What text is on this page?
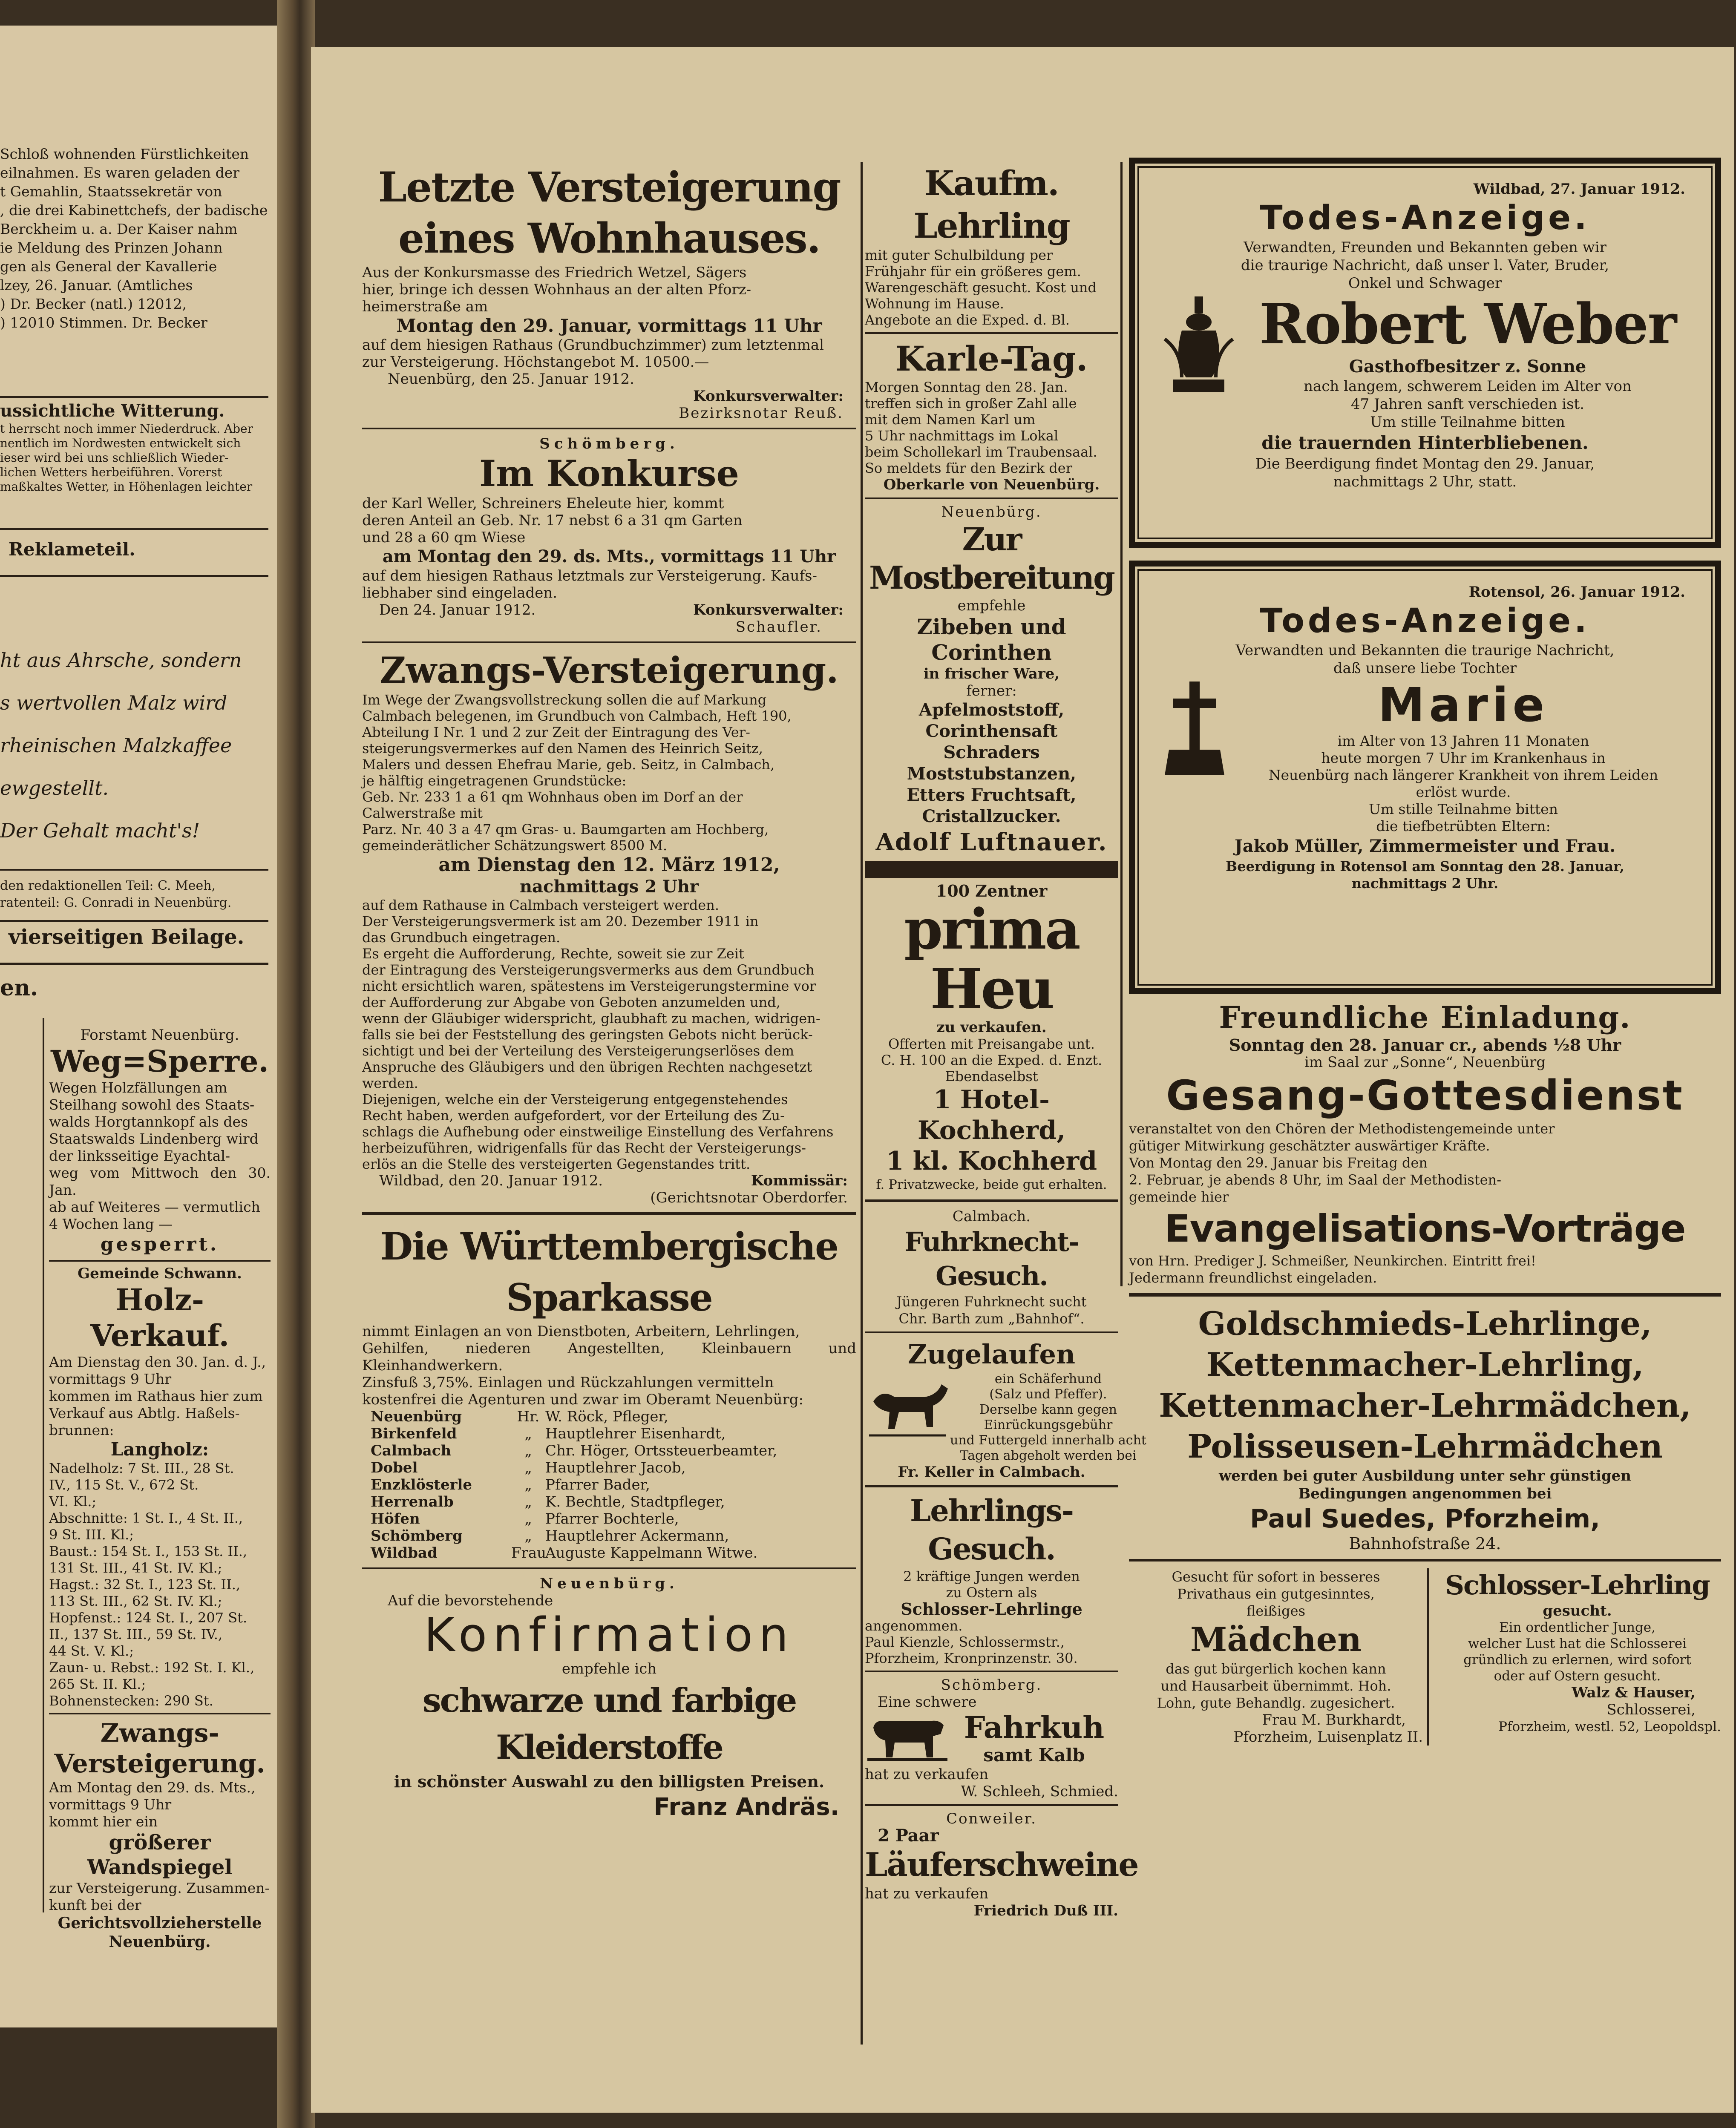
Schloß wohnenden Fürstlichkeiten

eilnahmen. Es waren geladen der

t Gemahlin, Staatssekretär von

, die drei Kabinettchefs, der badische

Berckheim u. a. Der Kaiser nahm

ie Meldung des Prinzen Johann

gen als General der Kavallerie

lzey, 26. Januar. (Amtliches

) Dr. Becker (natl.) 12012,

) 12010 Stimmen. Dr. Becker

ussichtliche Witterung.

t herrscht noch immer Niederdruck. Aber

nentlich im Nordwesten entwickelt sich

ieser wird bei uns schließlich Wieder-

lichen Wetters herbeiführen. Vorerst

maßkaltes Wetter, in Höhenlagen leichter

Reklameteil.

ht aus Ahrsche, sondern

s wertvollen Malz wird

rheinischen Malzkaffee

ewgestellt.

Der Gehalt macht's!

den redaktionellen Teil: C. Meeh,

ratenteil: G. Conradi in Neuenbürg.

vierseitigen Beilage.

en.

Forstamt Neuenbürg.

Weg=Sperre.

Wegen Holzfällungen am

Steilhang sowohl des Staats-

walds Horgtannkopf als des

Staatswalds Lindenberg wird

der linksseitige Eyachtal-

weg vom Mittwoch den 30. Jan.

ab auf Weiteres — vermutlich

4 Wochen lang —

gesperrt.

Gemeinde Schwann.

Holz-Verkauf.

Am Dienstag den 30. Jan. d. J.,

vormittags 9 Uhr

kommen im Rathaus hier zum

Verkauf aus Abtlg. Haßels-

brunnen:

Langholz:

Nadelholz: 7 St. III., 28 St.

IV., 115 St. V., 672 St.

VI. Kl.;

Abschnitte: 1 St. I., 4 St. II.,

9 St. III. Kl.;

Baust.: 154 St. I., 153 St. II.,

131 St. III., 41 St. IV. Kl.;

Hagst.: 32 St. I., 123 St. II.,

113 St. III., 62 St. IV. Kl.;

Hopfenst.: 124 St. I., 207 St.

II., 137 St. III., 59 St. IV.,

44 St. V. Kl.;

Zaun- u. Rebst.: 192 St. I. Kl.,

265 St. II. Kl.;

Bohnenstecken: 290 St.

Zwangs-Versteigerung.

Am Montag den 29. ds. Mts.,

vormittags 9 Uhr

kommt hier ein

größerer Wandspiegel

zur Versteigerung. Zusammen-

kunft bei der

Gerichtsvollzieherstelle

Neuenbürg.

Letzte Versteigerung eines Wohnhauses.

Aus der Konkursmasse des Friedrich Wetzel, Sägers

hier, bringe ich dessen Wohnhaus an der alten Pforz-

heimerstraße am

Montag den 29. Januar, vormittags 11 Uhr

auf dem hiesigen Rathaus (Grundbuchzimmer) zum letztenmal

zur Versteigerung. Höchstangebot M. 10500.—

Neuenbürg, den 25. Januar 1912.

Konkursverwalter:

Bezirksnotar Reuß.

Schömberg.

Im Konkurse

der Karl Weller, Schreiners Eheleute hier, kommt

deren Anteil an Geb. Nr. 17 nebst 6 a 31 qm Garten

und 28 a 60 qm Wiese

am Montag den 29. ds. Mts., vormittags 11 Uhr

auf dem hiesigen Rathaus letztmals zur Versteigerung. Kaufs-

liebhaber sind eingeladen.

Den 24. Januar 1912.	Konkursverwalter:

Schaufler.

Zwangs-Versteigerung.

Im Wege der Zwangsvollstreckung sollen die auf Markung

Calmbach belegenen, im Grundbuch von Calmbach, Heft 190,

Abteilung I Nr. 1 und 2 zur Zeit der Eintragung des Ver-

steigerungsvermerkes auf den Namen des Heinrich Seitz,

Malers und dessen Ehefrau Marie, geb. Seitz, in Calmbach,

je hälftig eingetragenen Grundstücke:

Geb. Nr. 233 1 a 61 qm Wohnhaus oben im Dorf an der

Calwerstraße mit

Parz. Nr. 40 3 a 47 qm Gras- u. Baumgarten am Hochberg,

gemeinderätlicher Schätzungswert 8500 M.

am Dienstag den 12. März 1912,

nachmittags 2 Uhr

auf dem Rathause in Calmbach versteigert werden.

Der Versteigerungsvermerk ist am 20. Dezember 1911 in

das Grundbuch eingetragen.

Es ergeht die Aufforderung, Rechte, soweit sie zur Zeit

der Eintragung des Versteigerungsvermerks aus dem Grundbuch

nicht ersichtlich waren, spätestens im Versteigerungstermine vor

der Aufforderung zur Abgabe von Geboten anzumelden und,

wenn der Gläubiger widerspricht, glaubhaft zu machen, widrigen-

falls sie bei der Feststellung des geringsten Gebots nicht berück-

sichtigt und bei der Verteilung des Versteigerungserlöses dem

Anspruche des Gläubigers und den übrigen Rechten nachgesetzt

werden.

Diejenigen, welche ein der Versteigerung entgegenstehendes

Recht haben, werden aufgefordert, vor der Erteilung des Zu-

schlags die Aufhebung oder einstweilige Einstellung des Verfahrens

herbeizuführen, widrigenfalls für das Recht der Versteigerungs-

erlös an die Stelle des versteigerten Gegenstandes tritt.

Wildbad, den 20. Januar 1912.	Kommissär:

(Gerichtsnotar Oberdorfer.

Die Württembergische Sparkasse

nimmt Einlagen an von Dienstboten, Arbeitern, Lehrlingen,

Gehilfen, niederen Angestellten, Kleinbauern und Kleinhandwerkern.

Zinsfuß 3,75%. Einlagen und Rückzahlungen vermitteln

kostenfrei die Agenturen und zwar im Oberamt Neuenbürg:

Neuenbürg	Hr. W. Röck, Pfleger,
Birkenfeld	„ Hauptlehrer Eisenhardt,
Calmbach	„ Chr. Höger, Ortssteuerbeamter,
Dobel	„ Hauptlehrer Jacob,
Enzklösterle	„ Pfarrer Bader,
Herrenalb	„ K. Bechtle, Stadtpfleger,
Höfen	„ Pfarrer Bochterle,
Schömberg	„ Hauptlehrer Ackermann,
Wildbad	Frau
Auguste Kappelmann Witwe.

Neuenbürg.

Auf die bevorstehende

Konfirmation

empfehle ich

schwarze und farbige Kleiderstoffe

in schönster Auswahl zu den billigsten Preisen.

Franz Andräs.

Kaufm. Lehrling

mit guter Schulbildung per

Frühjahr für ein größeres gem.

Warengeschäft gesucht. Kost und

Wohnung im Hause.

Angebote an die Exped. d. Bl.

Karle-Tag.

Morgen Sonntag den 28. Jan.

treffen sich in großer Zahl alle

mit dem Namen Karl um

5 Uhr nachmittags im Lokal

beim Schollekarl im Traubensaal.

So meldets für den Bezirk der

Oberkarle von Neuenbürg.

Neuenbürg.

Zur Mostbereitung

empfehle

Zibeben und Corinthen

in frischer Ware,

ferner:

Apfelmoststoff, Corinthensaft

Schraders Moststubstanzen,

Etters Fruchtsaft,

Cristallzucker.

Adolf Luftnauer.

100 Zentner

prima Heu

zu verkaufen.

Offerten mit Preisangabe unt.

C. H. 100 an die Exped. d. Enzt.

Ebendaselbst

1 Hotel-Kochherd,

1 kl. Kochherd

f. Privatzwecke, beide gut erhalten.

Calmbach.

Fuhrknecht-Gesuch.

Jüngeren Fuhrknecht sucht

Chr. Barth zum „Bahnhof“.

Zugelaufen

ein Schäferhund

(Salz und Pfeffer).

Derselbe kann gegen

Einrückungsgebühr

und Futtergeld innerhalb acht

Tagen abgeholt werden bei

Fr. Keller in Calmbach.

Lehrlings-Gesuch.

2 kräftige Jungen werden

zu Ostern als

Schlosser-Lehrlinge

angenommen.

Paul Kienzle, Schlossermstr.,

Pforzheim, Kronprinzenstr. 30.

Schömberg.

Eine schwere

Fahrkuh

samt Kalb

hat zu verkaufen

W. Schleeh, Schmied.

Conweiler.

2 Paar

Läuferschweine

hat zu verkaufen

Friedrich Duß III.

Wildbad, 27. Januar 1912.

Todes-Anzeige.

Verwandten, Freunden und Bekannten geben wir

die traurige Nachricht, daß unser l. Vater, Bruder,

Onkel und Schwager

Robert Weber

Gasthofbesitzer z. Sonne

nach langem, schwerem Leiden im Alter von

47 Jahren sanft verschieden ist.

Um stille Teilnahme bitten

die trauernden Hinterbliebenen.

Die Beerdigung findet Montag den 29. Januar,

nachmittags 2 Uhr, statt.

Rotensol, 26. Januar 1912.

Todes-Anzeige.

Verwandten und Bekannten die traurige Nachricht,

daß unsere liebe Tochter

Marie

im Alter von 13 Jahren 11 Monaten

heute morgen 7 Uhr im Krankenhaus in

Neuenbürg nach längerer Krankheit von ihrem Leiden

erlöst wurde.

Um stille Teilnahme bitten

die tiefbetrübten Eltern:

Jakob Müller, Zimmermeister und Frau.

Beerdigung in Rotensol am Sonntag den 28. Januar,

nachmittags 2 Uhr.

Freundliche Einladung.

Sonntag den 28. Januar cr., abends ½8 Uhr

im Saal zur „Sonne“, Neuenbürg

Gesang-Gottesdienst

veranstaltet von den Chören der Methodistengemeinde unter

gütiger Mitwirkung geschätzter auswärtiger Kräfte.

Von Montag den 29. Januar bis Freitag den

2. Februar, je abends 8 Uhr, im Saal der Methodisten-

gemeinde hier

Evangelisations-Vorträge

von Hrn. Prediger J. Schmeißer, Neunkirchen. Eintritt frei!

Jedermann freundlichst eingeladen.

Goldschmieds-Lehrlinge,

Kettenmacher-Lehrling,

Kettenmacher-Lehrmädchen,

Polisseusen-Lehrmädchen

werden bei guter Ausbildung unter sehr günstigen

Bedingungen angenommen bei

Paul Suedes, Pforzheim,

Bahnhofstraße 24.

Gesucht für sofort in besseres

Privathaus ein gutgesinntes,

fleißiges

Mädchen

das gut bürgerlich kochen kann

und Hausarbeit übernimmt. Hoh.

Lohn, gute Behandlg. zugesichert.

Frau M. Burkhardt,

Pforzheim, Luisenplatz II.

Schlosser-Lehrling

gesucht.

Ein ordentlicher Junge,

welcher Lust hat die Schlosserei

gründlich zu erlernen, wird sofort

oder auf Ostern gesucht.

Walz & Hauser,

Schlosserei,

Pforzheim, westl. 52, Leopoldspl.
